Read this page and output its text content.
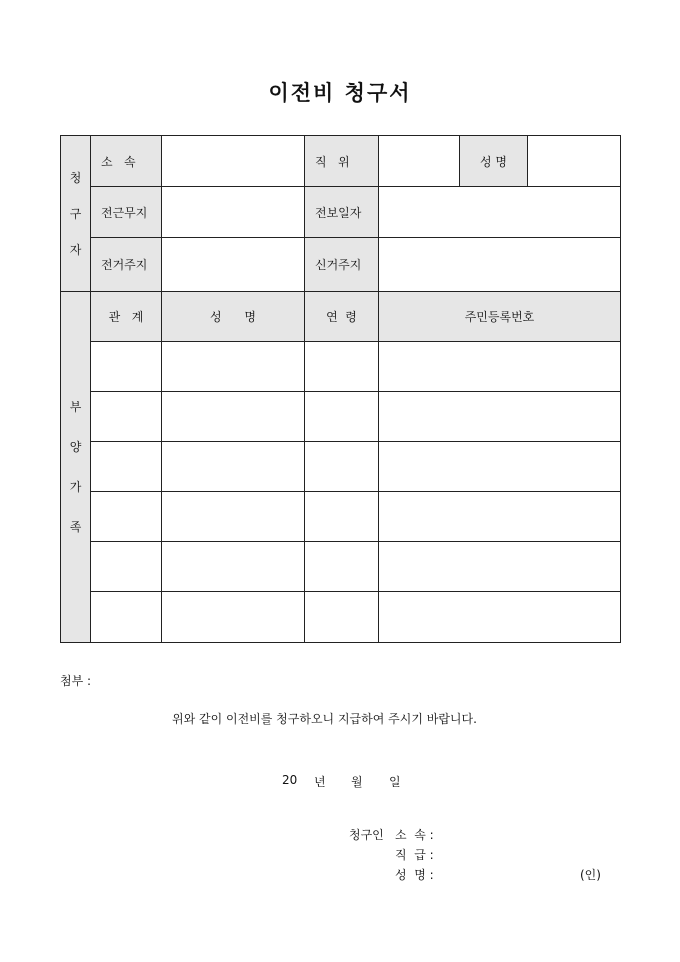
이전비 청구서
청
구
자	소   속		직   위		성 명	
	전근무지		전보일자			
	전거주지		신거주지			

부
양
가
족	관   계	성      명	연  령	주민등록번호		

첨부 :
위와 같이 이전비를 청구하오니 지급하여 주시기 바랍니다.
20 년 월 일
청구인 소  속 :
직  급 :
성  명 :	(인)
